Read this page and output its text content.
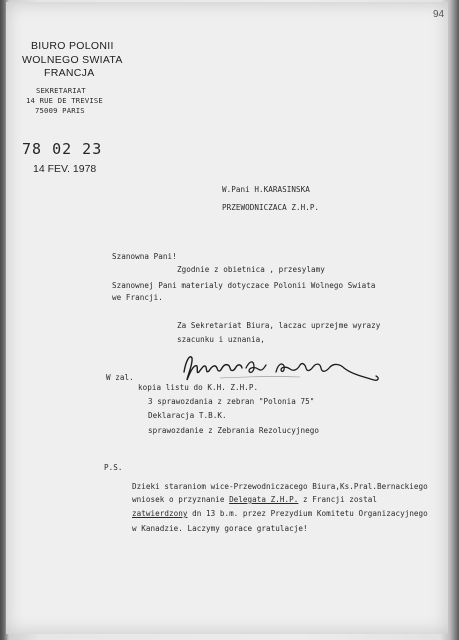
94
BIURO POLONII
WOLNEGO SWIATA
FRANCJA
SEKRETARIAT
14 RUE DE TREVISE
75009 PARIS
78 02 23
14 FEV. 1978
W.Pani H.KARASINSKA
PRZEWODNICZACA Z.H.P.
Szanowna Pani!
Zgodnie z obietnica , przesylamy
Szanownej Pani materialy dotyczace Polonii Wolnego Swiata
we Francji.
Za Sekretariat Biura, laczac uprzejme wyrazy
szacunku i uznania,
W zal.
kopia listu do K.H. Z.H.P.
3 sprawozdania z zebran "Polonia 75"
Deklaracja T.B.K.
sprawozdanie z Zebrania Rezolucyjnego
P.S.
Dzieki staraniom wice-Przewodniczacego Biura,Ks.Pral.Bernackiego
wniosek o przyznanie Delegata Z.H.P. z Francji zostal
zatwierdzony dn 13 b.m. przez Prezydium Komitetu Organizacyjnego
w Kanadzie. Laczymy gorace gratulacje!
